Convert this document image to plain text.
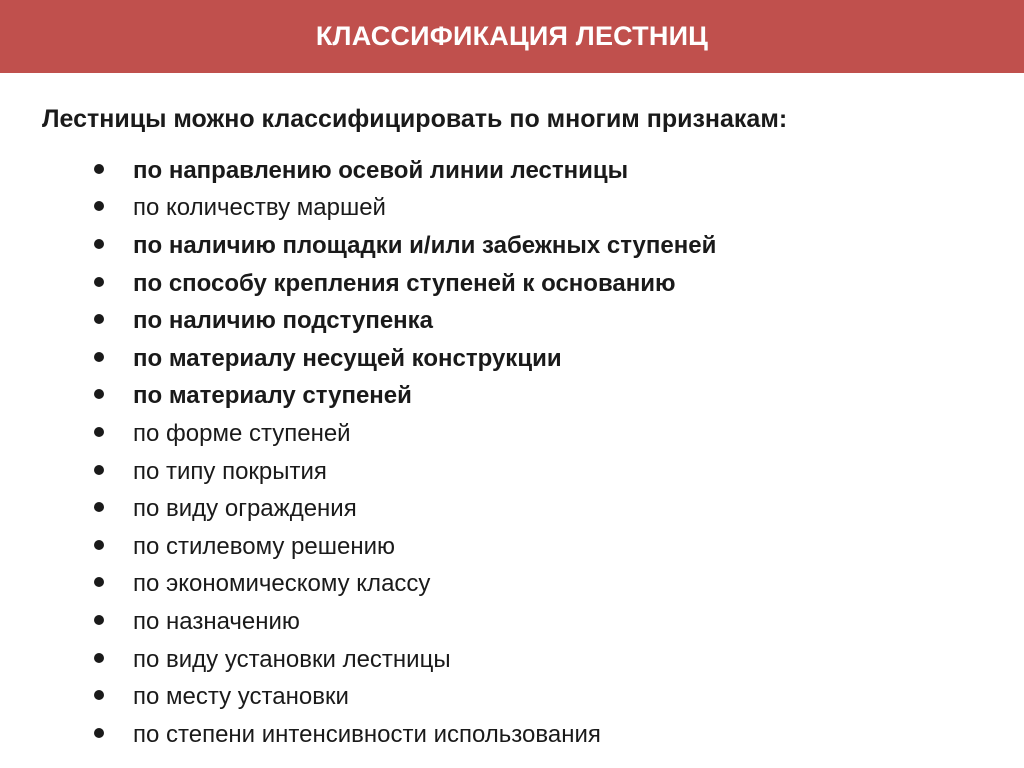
КЛАССИФИКАЦИЯ ЛЕСТНИЦ

Лестницы можно классифицировать по многим признакам:

по направлению осевой линии лестницы
по количеству маршей
по наличию площадки и/или забежных ступеней
по способу крепления ступеней к основанию
по наличию подступенка
по материалу несущей конструкции
по материалу ступеней
по форме ступеней
по типу покрытия
по виду ограждения
по стилевому решению
по экономическому классу
по назначению
по виду установки лестницы
по месту установки
по степени интенсивности использования
